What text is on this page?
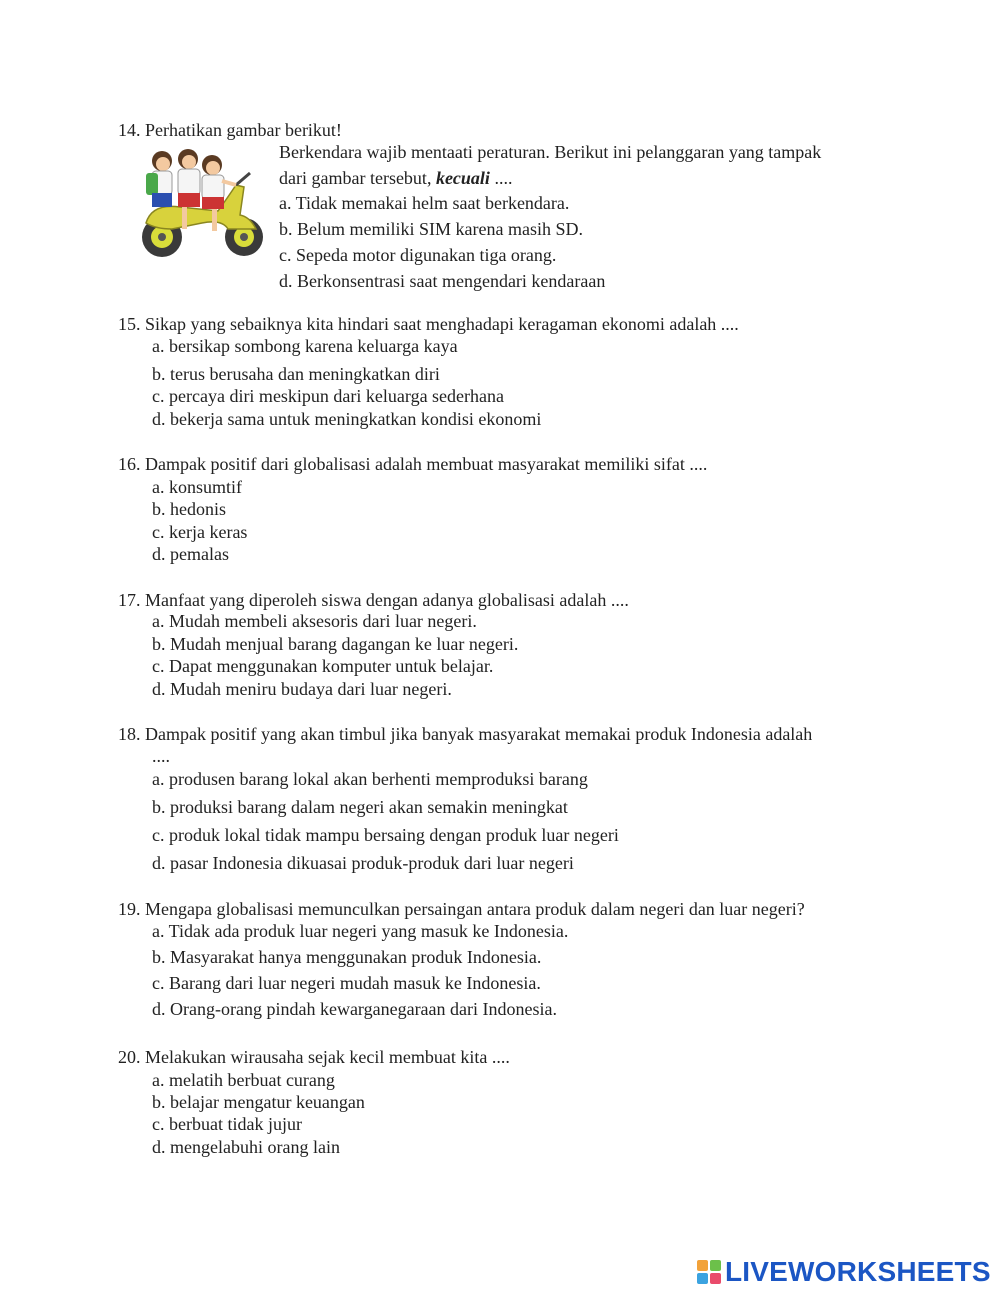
14. Perhatikan gambar berikut!
Berkendara wajib mentaati peraturan. Berikut ini pelanggaran yang tampak
dari gambar tersebut, kecuali ....
a. Tidak memakai helm saat berkendara.
b. Belum memiliki SIM karena masih SD.
c. Sepeda motor digunakan tiga orang.
d. Berkonsentrasi saat mengendari kendaraan
15. Sikap yang sebaiknya kita hindari saat menghadapi keragaman ekonomi adalah ....
a. bersikap sombong karena keluarga kaya
b. terus berusaha dan meningkatkan diri
c. percaya diri meskipun dari keluarga sederhana
d. bekerja sama untuk meningkatkan kondisi ekonomi
16. Dampak positif dari globalisasi adalah membuat masyarakat memiliki sifat ....
a. konsumtif
b. hedonis
c. kerja keras
d. pemalas
17. Manfaat yang diperoleh siswa dengan adanya globalisasi adalah ....
a. Mudah membeli aksesoris dari luar negeri.
b. Mudah menjual barang dagangan ke luar negeri.
c. Dapat menggunakan komputer untuk belajar.
d. Mudah meniru budaya dari luar negeri.
18. Dampak positif yang akan timbul jika banyak masyarakat memakai produk Indonesia adalah
....
a. produsen barang lokal akan berhenti memproduksi barang
b. produksi barang dalam negeri akan semakin meningkat
c. produk lokal tidak mampu bersaing dengan produk luar negeri
d. pasar Indonesia dikuasai produk-produk dari luar negeri
19. Mengapa globalisasi memunculkan persaingan antara produk dalam negeri dan luar negeri?
a. Tidak ada produk luar negeri yang masuk ke Indonesia.
b. Masyarakat hanya menggunakan produk Indonesia.
c. Barang dari luar negeri mudah masuk ke Indonesia.
d. Orang-orang pindah kewarganegaraan dari Indonesia.
20. Melakukan wirausaha sejak kecil membuat kita ....
a. melatih berbuat curang
b. belajar mengatur keuangan
c. berbuat tidak jujur
d. mengelabuhi orang lain
LIVEWORKSHEETS
